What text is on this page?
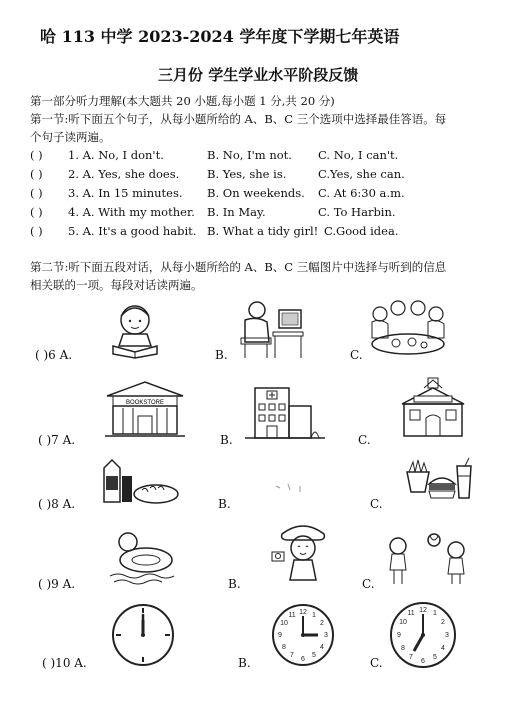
哈 113 中学 2023-2024 学年度下学期七年英语
三月份 学生学业水平阶段反馈
第一部分听力理解(本大题共 20 小题,每小题 1 分,共 20 分)
第一节:听下面五个句子，从每小题所给的 A、B、C 三个选项中选择最佳答语。每
个句子读两遍。
( ) 1. A. No, I don't.	B. No, I'm not. C. No, I can't.
( ) 2. A. Yes, she does. B. Yes, she is.	C.Yes, she can.
( ) 3. A. In 15 minutes. B. On weekends. C. At 6:30 a.m.
( ) 4. A. With my mother. B. In May.	C. To Harbin.
( ) 5. A. It's a good habit. B. What a tidy girl! C.Good idea.
第二节:听下面五段对话，从每小题所给的 A、B、C 三幅图片中选择与听到的信息
相关联的一项。每段对话读两遍。
( )6 A.	B.	C.
( )7 A.	B.	C.
BOOKSTORE
( )8 A.	B.	C.
( )9 A.	B.	C.
( )10 A.	B.	C.
12 1
2
3
4
5
6
7
8
9
10
11
12 1
2
3
4
5
6
7
8
9
10
11
